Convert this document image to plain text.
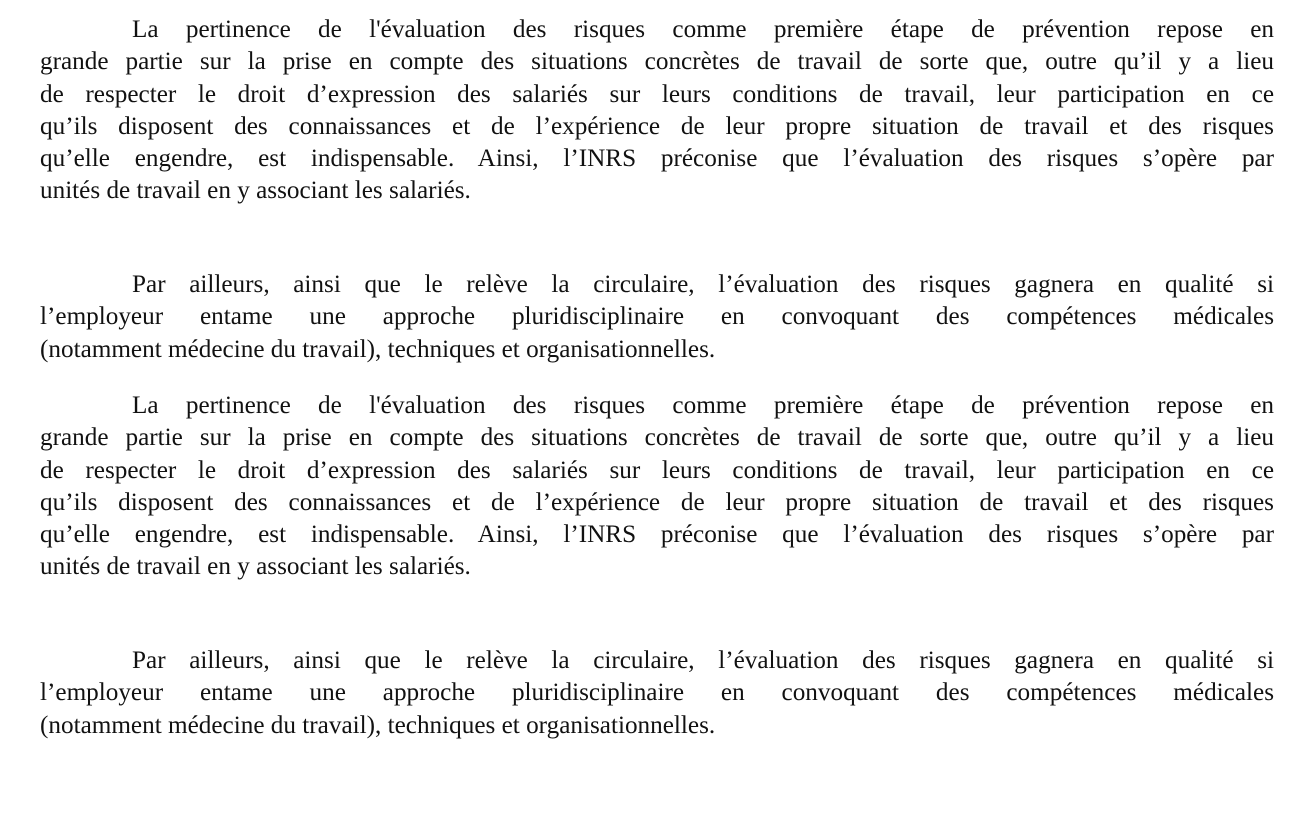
La pertinence de l'évaluation des risques comme première étape de prévention repose en
grande partie sur la prise en compte des situations concrètes de travail de sorte que, outre qu’il y a lieu
de respecter le droit d’expression des salariés sur leurs conditions de travail, leur participation en ce
qu’ils disposent des connaissances et de l’expérience de leur propre situation de travail et des risques
qu’elle engendre, est indispensable. Ainsi, l’INRS préconise que l’évaluation des risques s’opère par
unités de travail en y associant les salariés.

Par ailleurs, ainsi que le relève la circulaire, l’évaluation des risques gagnera en qualité si
l’employeur entame une approche pluridisciplinaire en convoquant des compétences médicales
(notamment médecine du travail), techniques et organisationnelles.

La pertinence de l'évaluation des risques comme première étape de prévention repose en
grande partie sur la prise en compte des situations concrètes de travail de sorte que, outre qu’il y a lieu
de respecter le droit d’expression des salariés sur leurs conditions de travail, leur participation en ce
qu’ils disposent des connaissances et de l’expérience de leur propre situation de travail et des risques
qu’elle engendre, est indispensable. Ainsi, l’INRS préconise que l’évaluation des risques s’opère par
unités de travail en y associant les salariés.

Par ailleurs, ainsi que le relève la circulaire, l’évaluation des risques gagnera en qualité si
l’employeur entame une approche pluridisciplinaire en convoquant des compétences médicales
(notamment médecine du travail), techniques et organisationnelles.
